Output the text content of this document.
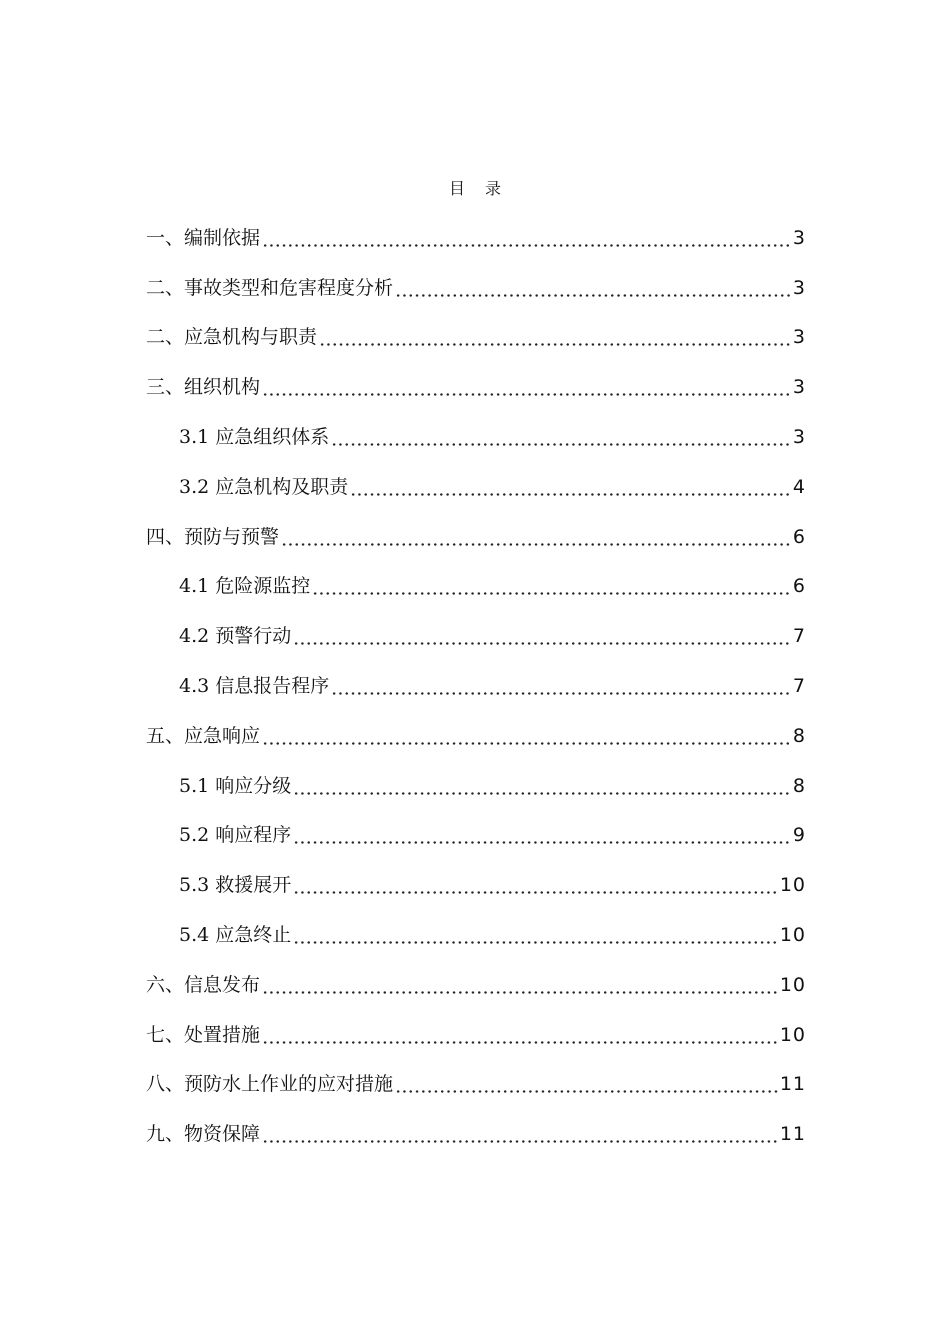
目 录
一、编制依据	3
二、事故类型和危害程度分析	3
二、应急机构与职责	3
三、组织机构	3
3.1 应急组织体系	3
3.2 应急机构及职责	4
四、预防与预警	6
4.1 危险源监控	6
4.2 预警行动	7
4.3 信息报告程序	7
五、应急响应	8
5.1 响应分级	8
5.2 响应程序	9
5.3 救援展开	10
5.4 应急终止	10
六、信息发布	10
七、处置措施	10
八、预防水上作业的应对措施	11
九、物资保障	11
